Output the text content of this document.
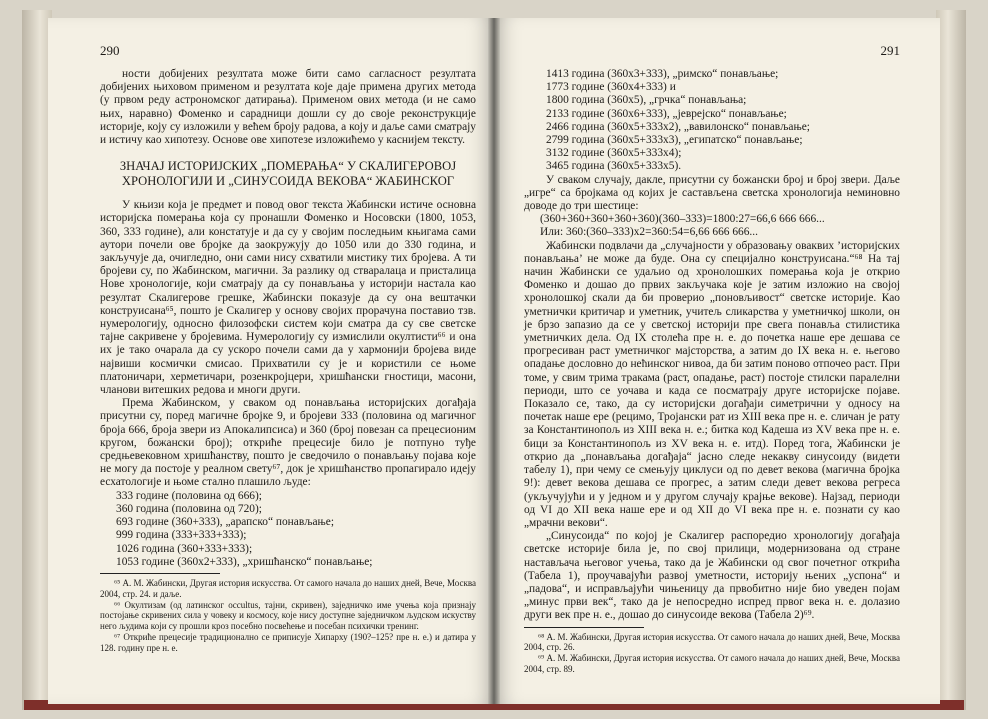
290

ности добијених резултата може бити само сагласност резултата добијених њиховом применом и резултата које даје примена других метода (у првом реду астрономског датирања). Применом ових метода (и не само њих, наравно) Фоменко и сарадници дошли су до своје реконструкције историје, коју су изложили у већем броју радова, а коју и даље сами сматрају и истичу као хипотезу. Основе ове хипотезе изложићемо у каснијем тексту.

ЗНАЧАЈ ИСТОРИЈСКИХ „ПОМЕРАЊА“ У СКАЛИГЕРОВОЈ
ХРОНОЛОГИЈИ И „СИНУСОИДА ВЕКОВА“ ЖАБИНСКОГ

У књизи која је предмет и повод овог текста Жабински истиче основна историјска померања која су пронашли Фоменко и Носовски (1800, 1053, 360, 333 године), али констатује и да су у својим последњим књигама сами аутори почели ове бројке да заокружују до 1050 или до 330 година, и закључује да, очигледно, они сами нису схватили мистику тих бројева. А ти бројеви су, по Жабинском, магични. За разлику од стваралаца и присталица Нове хронологије, који сматрају да су понављања у историји настала као резултат Скалигерове грешке, Жабински показује да су она вештачки конструисана⁶⁵, пошто је Скалигер у основу својих прорачуна поставио тзв. нумерологију, односно филозофски систем који сматра да су све светске тајне сакривене у бројевима. Нумерологију су измислили окултисти⁶⁶ и она их је тако очарала да су ускоро почели сами да у хармонији бројева виде највиши космички смисао. Прихватили су је и користили се њоме платоничари, херметичари, розенкројцери, хришћански гностици, масони, чланови витешких редова и многи други.

Према Жабинском, у сваком од понављања историјских догађаја присутни су, поред магичне бројке 9, и бројеви 333 (половина од магичног броја 666, броја звери из Апокалипсиса) и 360 (број повезан са прецесионим кругом, божански број); откриће прецесије било је потпуно туђе средњевековном хришћанству, пошто је сведочило о понављању појава које не могу да постоје у реалном свету⁶⁷, док је хришћанство пропагирало идеју есхатологије и њоме стално плашило људе:

333 године (половина од 666);
360 година (половина од 720);
693 године (360+333), „арапско“ понављање;
999 година (333+333+333);
1026 година (360+333+333);
1053 године (360x2+333), „хришћанско“ понављање;
⁶⁵ А. М. Жабински, Другая история искусства. От самого начала до наших дней, Вече, Москва 2004, стр. 24. и даље.
⁶⁶ Окултизам (од латинског occultus, тајни, скривен), заједничко име учења која признају постојање скривених сила у човеку и космосу, које нису доступне заједничком људском искуству него људима који су прошли кроз посебно посвећење и посебан психички тренинг.
⁶⁷ Откриће прецесије традиционално се приписује Хипарху (190?–125? пре н. е.) и датира у 128. годину пре н. е.
291
1413 година (360x3+333), „римско“ понављање;
1773 године (360x4+333) и
1800 година (360x5), „грчка“ понављања;
2133 године (360x6+333), „јеврејско“ понављање;
2466 година (360x5+333x2), „вавилонско“ понављање;
2799 година (360x5+333x3), „египатско“ понављање;
3132 године (360x5+333x4);
3465 година (360x5+333x5).

У сваком случају, дакле, присутни су божански број и број звери. Даље „игре“ са бројкама од којих је састављена светска хронологија неминовно доводе до три шестице:

(360+360+360+360+360)(360–333)=1800:27=66,6 666 666...
Или: 360:(360–333)x2=360:54=6,66 666 666...

Жабински подвлачи да „случајности у образовању оваквих ’историјских понављања’ не може да буде. Она су специјално конструисана.“⁶⁸ На тај начин Жабински се удаљио од хронолошких померања која је открио Фоменко и дошао до првих закључака које је затим изложио на својој хронолошкој скали да би проверио „поновљивост“ светске историје. Као уметнички критичар и уметник, учитељ сликарства у уметничкој школи, он је брзо запазио да се у светској историји пре свега понавља стилистика уметничких дела. Од IX столећа пре н. е. до почетка наше ере дешава се прогресиван раст уметничког мајсторства, а затим до IX века н. е. његово опадање дословно до нећинског нивоа, да би затим поново отпочео раст. При томе, у свим трима тракама (раст, опадање, раст) постоје стилски паралелни периоди, што се уочава и када се посматрају друге историјске појаве. Показало се, тако, да су историјски догађаји симетрични у односу на почетак наше ере (рецимо, Тројански рат из XIII века пре н. е. сличан је рату за Константинопољ из XIII века н. е.; битка код Кадеша из XV века пре н. е. бици за Константинопољ из XV века н. е. итд). Поред тога, Жабински је открио да „понављања догађаја“ јасно следе некакву синусоиду (видети табелу 1), при чему се смењују циклуси од по девет векова (магична бројка 9!): девет векова дешава се прогрес, а затим следи девет векова регреса (укључујући и у једном и у другом случају крајње векове). Најзад, периоди од VI до XII века наше ере и од XII до VI века пре н. е. познати су као „мрачни векови“.

„Синусоида“ по којој је Скалигер распоредио хронологију догађаја светске историје била је, по свој прилици, модернизована од стране настављача његовог учења, тако да је Жабински од свог почетног открића (Табела 1), проучавајући развој уметности, историју њених „успона“ и „падова“, и исправљајући чињеницу да првобитно није био уведен појам „минус први век“, тако да је непосредно испред првог века н. е. долазио други век пре н. е., дошао до синусоиде векова (Табела 2)⁶⁹.

⁶⁸ А. М. Жабински, Другая история искусства. От самого начала до наших дней, Вече, Москва 2004, стр. 26.
⁶⁹ А. М. Жабински, Другая история искусства. От самого начала до наших дней, Вече, Москва 2004, стр. 89.
